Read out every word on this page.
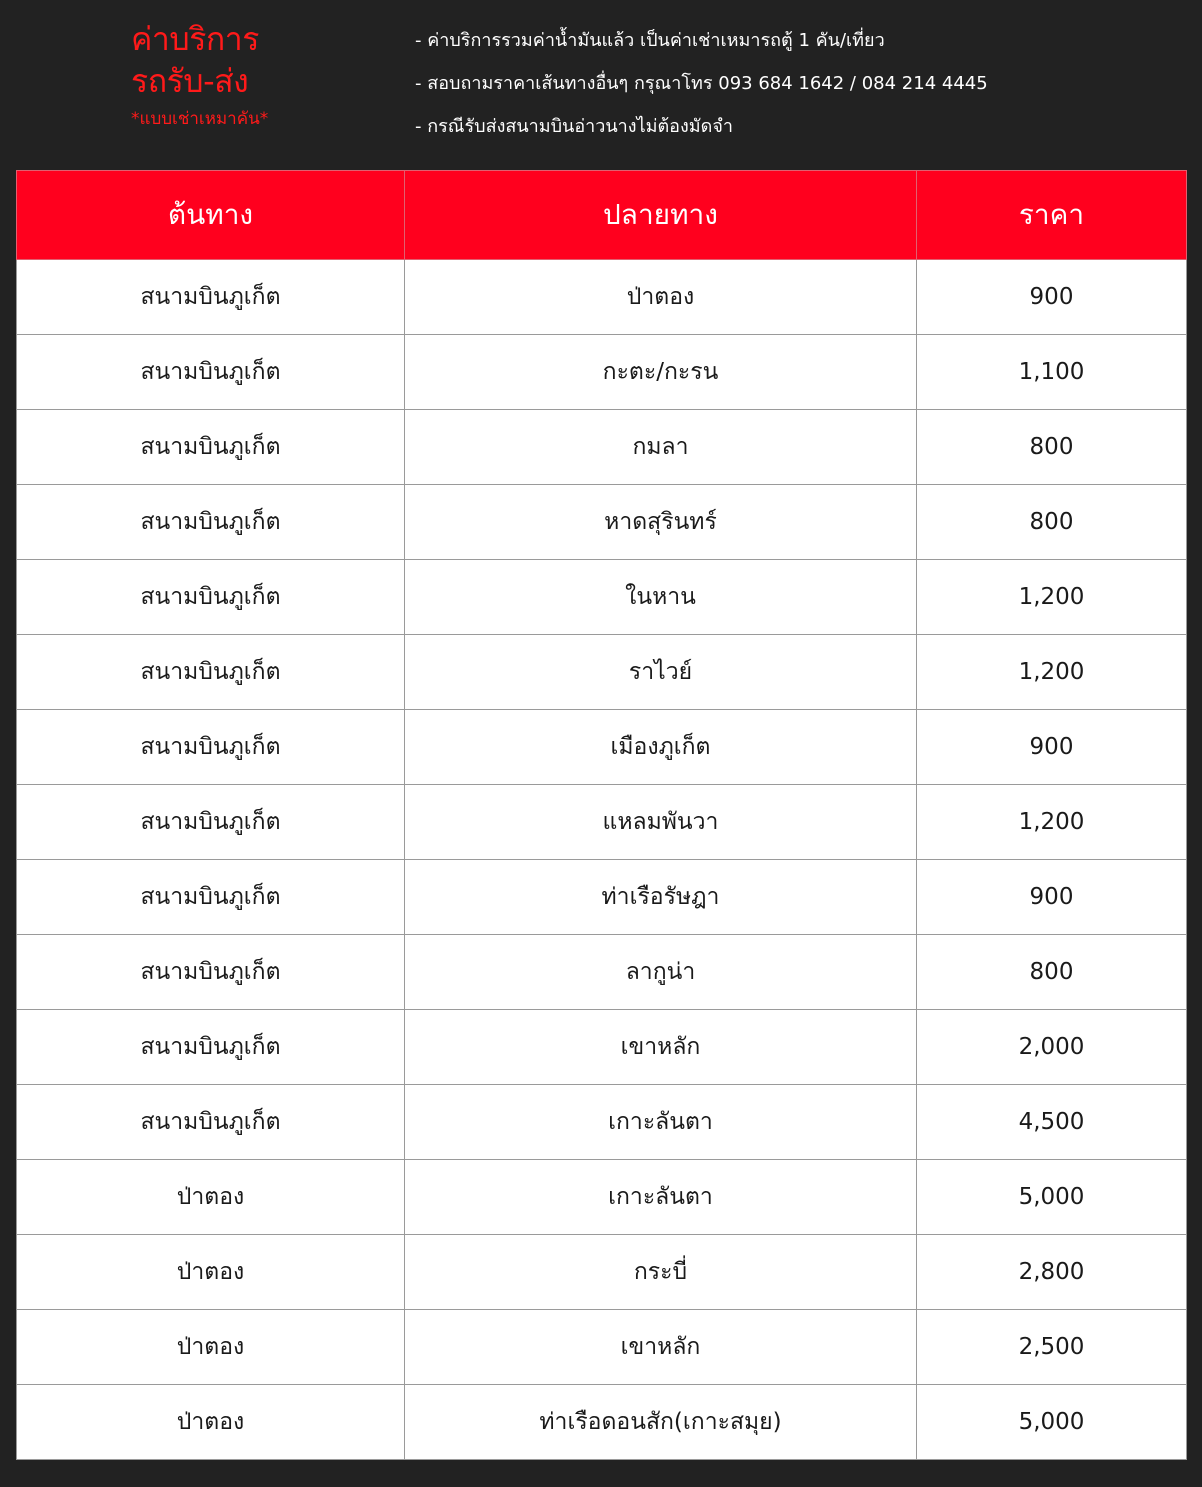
ค่าบริการ
รถรับ-ส่ง
*แบบเช่าเหมาคัน*
- ค่าบริการรวมค่าน้ำมันแล้ว เป็นค่าเช่าเหมารถตู้ 1 คัน/เที่ยว
- สอบถามราคาเส้นทางอื่นๆ กรุณาโทร 093 684 1642 / 084 214 4445
- กรณีรับส่งสนามบินอ่าวนางไม่ต้องมัดจำ
ต้นทาง	ปลายทาง	ราคา
สนามบินภูเก็ต	ป่าตอง	900
สนามบินภูเก็ต	กะตะ/กะรน	1,100
สนามบินภูเก็ต	กมลา	800
สนามบินภูเก็ต	หาดสุรินทร์	800
สนามบินภูเก็ต	ในหาน	1,200
สนามบินภูเก็ต	ราไวย์	1,200
สนามบินภูเก็ต	เมืองภูเก็ต	900
สนามบินภูเก็ต	แหลมพันวา	1,200
สนามบินภูเก็ต	ท่าเรือรัษฎา	900
สนามบินภูเก็ต	ลากูน่า	800
สนามบินภูเก็ต	เขาหลัก	2,000
สนามบินภูเก็ต	เกาะลันตา	4,500
ป่าตอง	เกาะลันตา	5,000
ป่าตอง	กระบี่	2,800
ป่าตอง	เขาหลัก	2,500
ป่าตอง	ท่าเรือดอนสัก(เกาะสมุย)	5,000
